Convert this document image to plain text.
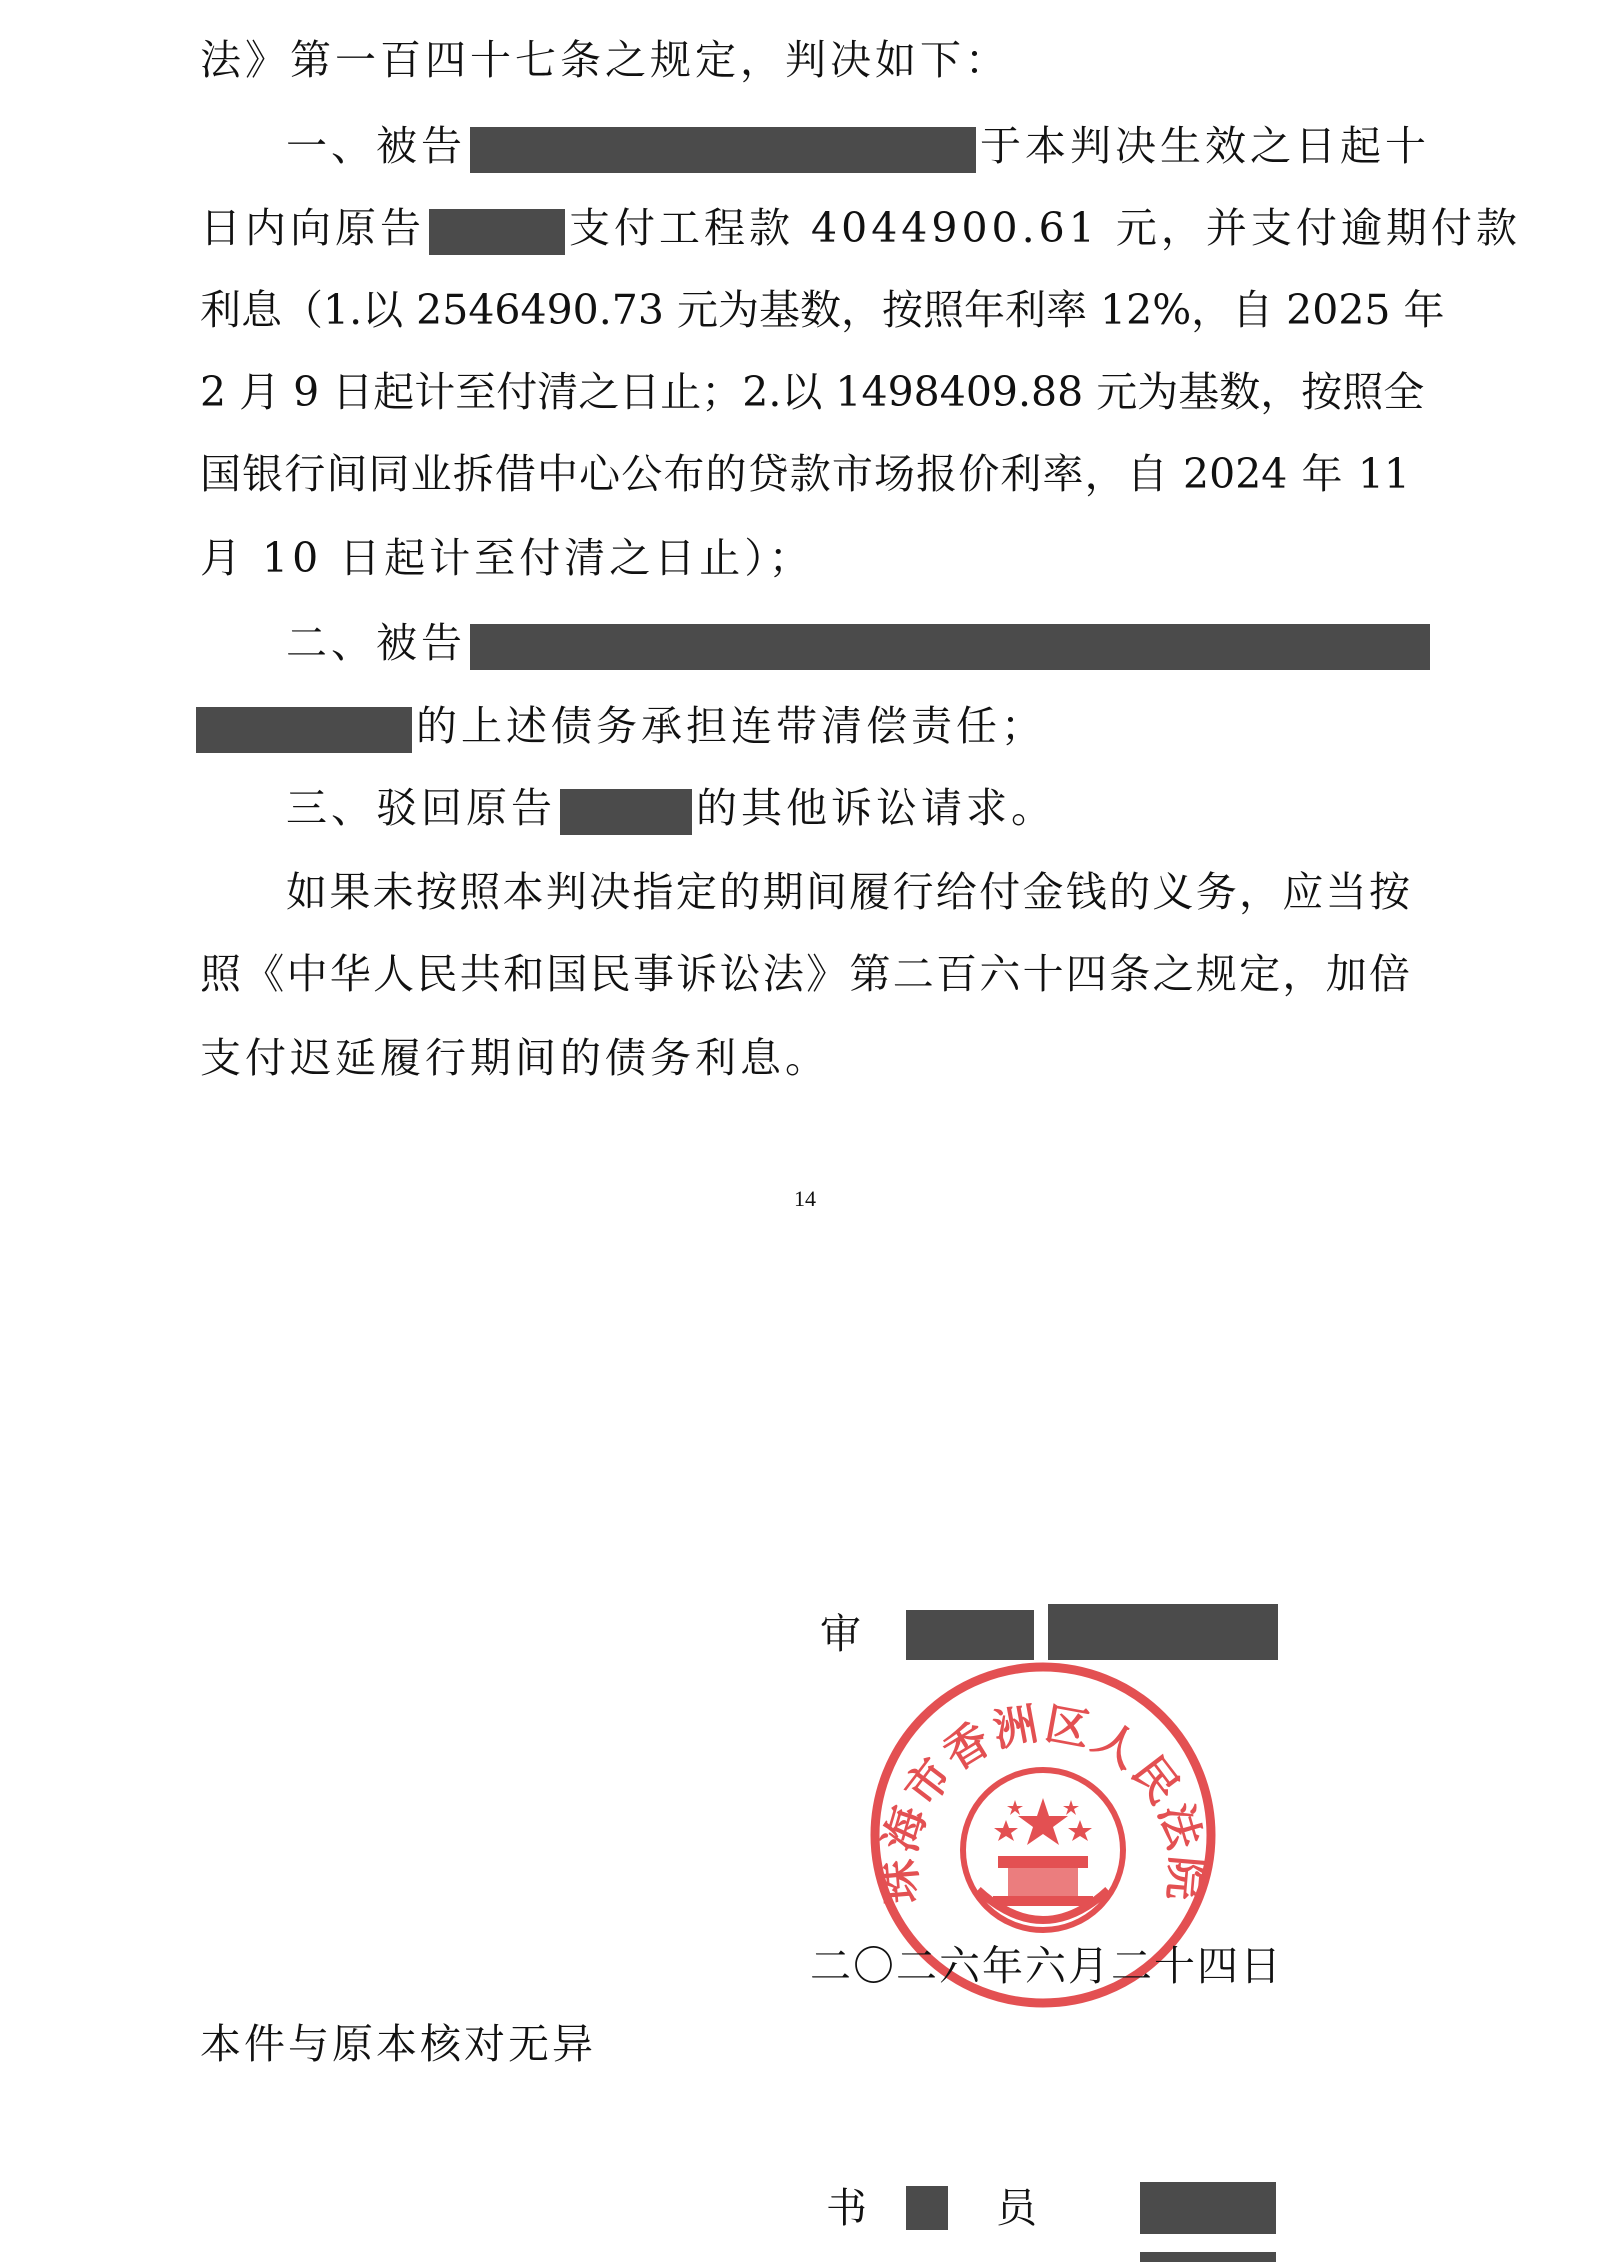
法》第一百四十七条之规定，判决如下：
一、被告	于本判决生效之日起十
日内向原告	支付工程款 4044900.61 元，并支付逾期付款
利息（1.以 2546490.73 元为基数，按照年利率 12%，自 2025 年
2 月 9 日起计至付清之日止；2.以 1498409.88 元为基数，按照全
国银行间同业拆借中心公布的贷款市场报价利率，自 2024 年 11
月 10 日起计至付清之日止）；
二、被告
的上述债务承担连带清偿责任；
三、驳回原告	的其他诉讼请求。
如果未按照本判决指定的期间履行给付金钱的义务，应当按
照《中华人民共和国民事诉讼法》第二百六十四条之规定，加倍
支付迟延履行期间的债务利息。
14
审
珠海市香洲区人民法院
二〇二六年六月二十四日
本件与原本核对无异
书	员
